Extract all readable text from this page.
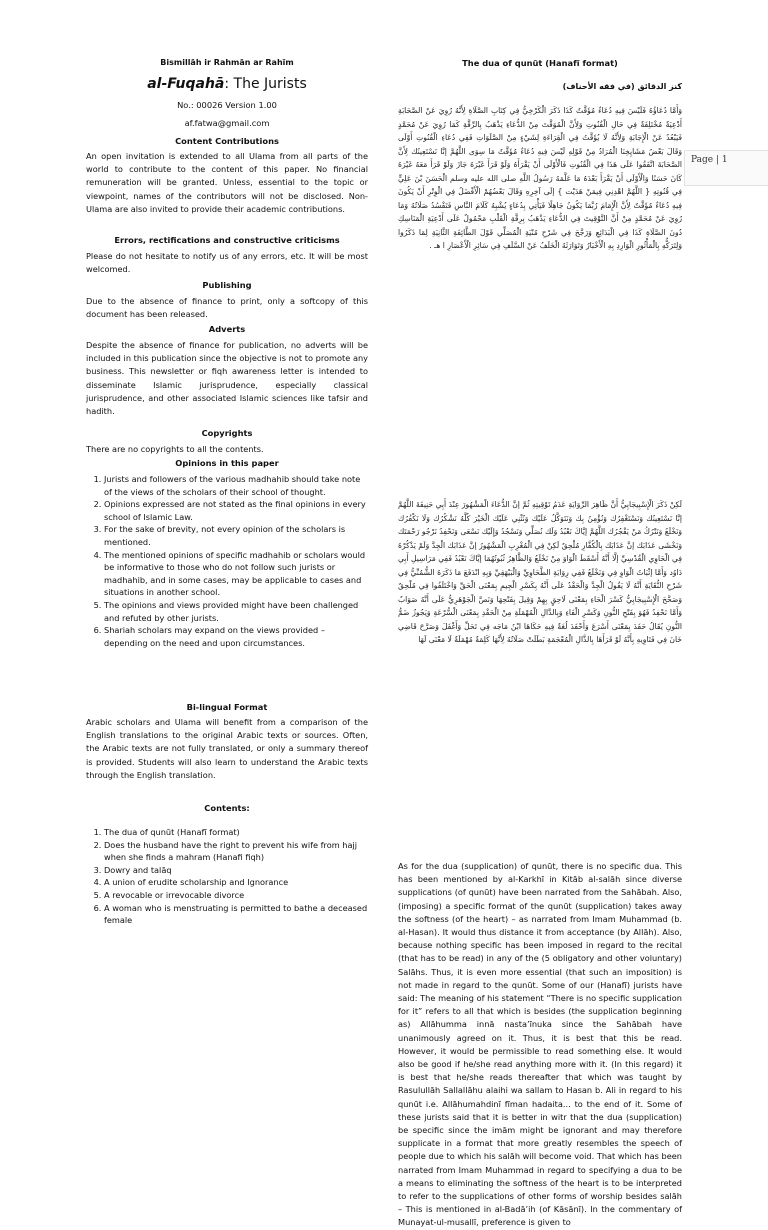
Bismillāh ir Rahmān ar Rahīm
al-Fuqahā: The Jurists
No.: 00026 Version 1.00
af.fatwa@gmail.com
Content Contributions

An open invitation is extended to all Ulama from all parts of the world to contribute to the content of this paper. No financial remuneration will be granted. Unless, essential to the topic or viewpoint, names of the contributors will not be disclosed. Non-Ulama are also invited to provide their academic contributions.

Errors, rectifications and constructive criticisms

Please do not hesitate to notify us of any errors, etc. It will be most welcomed.

Publishing

Due to the absence of finance to print, only a softcopy of this document has been released.

Adverts

Despite the absence of finance for publication, no adverts will be included in this publication since the objective is not to promote any business. This newsletter or fiqh awareness letter is intended to disseminate Islamic jurisprudence, especially classical jurisprudence, and other associated Islamic sciences like tafsir and hadith.

Copyrights

There are no copyrights to all the contents.

Opinions in this paper
1. Jurists and followers of the various madhahib should take note of the views of the scholars of their school of thought.
2. Opinions expressed are not stated as the final opinions in every school of Islamic Law.
3. For the sake of brevity, not every opinion of the scholars is mentioned.
4. The mentioned opinions of specific madhahib or scholars would be informative to those who do not follow such jurists or madhahib, and in some cases, may be applicable to cases and situations in another school.
5. The opinions and views provided might have been challenged and refuted by other jurists.
6. Shariah scholars may expand on the views provided – depending on the need and upon circumstances.
Bi-lingual Format

Arabic scholars and Ulama will benefit from a comparison of the English translations to the original Arabic texts or sources. Often, the Arabic texts are not fully translated, or only a summary thereof is provided. Students will also learn to understand the Arabic texts through the English translation.

Contents:
1. The dua of qunūt (Hanafī format)
2. Does the husband have the right to prevent his wife from hajj when she finds a mahram (Hanafi fiqh)
3. Dowry and talāq
4. A union of erudite scholarship and Ignorance
5. A revocable or irrevocable divorce
6. A woman who is menstruating is permitted to bathe a deceased female
The dua of qunūt (Hanafī format)
كنز الدقائق (في فقه الأحناف)

وَأَمَّا دُعَاؤُهُ فَلَيْسَ فِيهِ دُعَاءٌ مُؤَقَّتٌ كَذَا ذَكَرَ الْكَرْخِيُّ فِي كِتَابِ الصَّلَاةِ لِأَنَّهُ رُوِيَ عَنْ الصَّحَابَةِ أَدْعِيَةٌ مُخْتَلِفَةٌ فِي حَالِ الْقُنُوتِ وَلِأَنَّ الْمُوَقَّتَ مِنْ الدُّعَاءِ يَذْهَبُ بِالرِّقَّةِ كَمَا رُوِيَ عَنْ مُحَمَّدٍ فَيَبْعُدُ عَنْ الْإِجَابَةِ وَلِأَنَّهُ لَا يُؤَقَّتُ فِي الْقِرَاءَةِ لِشَيْءٍ مِنْ الصَّلَوَاتِ فَفِي دُعَاءِ الْقُنُوتِ أَوْلَى وَقَالَ بَعْضُ مَشَايِخِنَا الْمُرَادُ مِنْ قَوْلِهِ لَيْسَ فِيهِ دُعَاءٌ مُؤَقَّتٌ مَا سِوَى اللَّهُمَّ إنَّا نَسْتَعِينُك لِأَنَّ الصَّحَابَةَ اتَّفَقُوا عَلَى هَذَا فِي الْقُنُوتِ فَالْأَوْلَى أَنْ يَقْرَأَهُ وَلَوْ قَرَأَ غَيْرَهُ جَازَ وَلَوْ قَرَأَ مَعَهُ غَيْرَهُ كَانَ حَسَنًا وَالْأَوْلَى أَنْ يَقْرَأَ بَعْدَهُ مَا عَلَّمَهُ رَسُولُ اللَّهِ صلى الله عليه وسلم الْحَسَنَ بْنَ عَلِيٍّ فِي قُنُوتِهِ { اللَّهُمَّ اهْدِنِي فِيمَنْ هَدَيْت } إلَى آخِرِهِ وَقَالَ بَعْضُهُمْ الْأَفْضَلُ فِي الْوِتْرِ أَنْ يَكُونَ فِيهِ دُعَاءٌ مُؤَقَّتٌ لِأَنَّ الْإِمَامَ رُبَّمَا يَكُونُ جَاهِلًا فَيَأْتِي بِدُعَاءٍ يُشْبِهُ كَلَامَ النَّاسِ فَتَفْسُدُ صَلَاتُهُ وَمَا رُوِيَ عَنْ مُحَمَّدٍ مِنْ أَنَّ التَّوْقِيتَ فِي الدُّعَاءِ يَذْهَبُ بِرِقَّةِ الْقَلْبِ مَحْمُولٌ عَلَى أَدْعِيَةِ الْمَنَاسِكِ دُونَ الصَّلَاةِ كَذَا فِي الْبَدَائِعِ وَرَجَّحَ فِي شَرْحِ مُنْيَةِ الْمُصَلِّي قَوْلَ الطَّائِفَةِ الثَّانِيَةِ لِمَا ذَكَرُوا وَلِتَرَكُّهِ بِالْمَأْثُورِ الْوَارِدِ بِهِ الْأَخْبَارُ وَتَوَارَثَهُ الْخَلَفُ عَنْ السَّلَفِ فِي سَائِرِ الْأَعْصَارِ ا هـ .

لَكِنْ ذَكَرَ الْإِسْبِيجَابِيُّ أَنَّ ظَاهِرَ الرِّوَايَةِ عَدَمُ تَوْقِيتِهِ ثُمَّ إنَّ الدُّعَاءَ الْمَشْهُورَ عِنْدَ أَبِي حَنِيفَةَ اللَّهُمَّ إنَّا نَسْتَعِينُك وَنَسْتَغْفِرُك وَنُؤْمِنُ بِك وَنَتَوَكَّلُ عَلَيْك وَنُثْنِي عَلَيْك الْخَيْرَ كُلَّهُ نَشْكُرُك وَلَا نَكْفُرُك وَنَخْلَعُ وَنَتْرُكُ مَنْ يَفْجُرُك اللَّهُمَّ إيَّاكَ نَعْبُدُ وَلَك نُصَلِّي وَنَسْجُدُ وَإِلَيْك نَسْعَى وَنَحْفِدُ نَرْجُو رَحْمَتَك وَنَخْشَى عَذَابَك إنَّ عَذَابَك بِالْكُفَّارِ مُلْحِقٌ لَكِنْ فِي الْمُغْرِبِ الْمَشْهُورُ إنَّ عَذَابَك الْجِدَّ وَلَمْ يَذْكُرْهُ فِي الْحَاوِي الْقُدْسِيِّ إلَّا أَنَّهُ أَسْقَطَ الْوَاوَ مِنْ نَخْلَعُ وَالظَّاهِرُ ثُبُوتُهُمَا إيَّاكَ نَعْبُدُ فَفِي مَرَاسِيلِ أَبِي دَاوُد وَأَمَّا إثْبَاتُ الْوَاوِ فِي وَنَخْلَعُ فَفِي رِوَايَةِ الطَّحَاوِيِّ وَالْبَيْهَقِيِّ وَبِهِ انْدَفَعَ مَا ذَكَرَهُ الشُّمُنِّيُّ فِي شَرْحِ النُّقَايَةِ أَنَّهُ لَا يَقُولُ الْجِدَّ وَالْحَفْدُ عَلَى أَنَّهُ بِكَسْرِ الْجِيمِ بِمَعْنَى الْحَقِّ وَاخْتَلَفُوا فِي مُلْحِقٌ وَصَحَّحَ الْإِسْبِيجَابِيُّ كَسْرَ الْحَاءِ بِمَعْنَى لَاحِقٍ بِهِمْ وَقِيلَ بِفَتْحِهَا وَنَصَّ الْجَوْهَرِيُّ عَلَى أَنَّهُ صَوَابٌ وَأَمَّا نَحْفِدُ فَهُوَ بِفَتْحِ النُّونِ وَكَسْرِ الْفَاءِ وَبِالدَّالِ الْمُهْمَلَةِ مِنْ الْحَفْدِ بِمَعْنَى الْسُّرْعَةِ وَيَجُوزُ ضَمُّ النُّونِ يُقَالُ حَفَدَ بِمَعْنَى أَسْرَعَ وَأَحْفَدَ لُغَةٌ فِيهِ حَكَاهَا ابْنُ مَاجَه فِي تَحَلِّ وَأَغْفَلَ وَصَرَّحَ قَاضِي خَانَ فِي فَتَاوِيهِ بِأَنَّهُ لَوْ قَرَأَهَا بِالذَّالِ الْمُعْجَمَةِ بَطَلَتْ صَلَاتُهُ لِأَنَّهَا كَلِمَةٌ مُهْمَلَةٌ لَا مَعْنَى لَهَا

As for the dua (supplication) of qunūt, there is no specific dua. This has been mentioned by al-Karkhī in Kitāb al-salāh since diverse supplications (of qunūt) have been narrated from the Sahābah. Also, (imposing) a specific format of the qunūt (supplication) takes away the softness (of the heart) – as narrated from Imam Muhammad (b. al-Hasan). It would thus distance it from acceptance (by Allāh). Also, because nothing specific has been imposed in regard to the recital (that has to be read) in any of the (5 obligatory and other voluntary) Salāhs. Thus, it is even more essential (that such an imposition) is not made in regard to the qunūt. Some of our (Hanafī) jurists have said: The meaning of his statement “There is no specific supplication for it” refers to all that which is besides (the supplication beginning as) Allāhumma innā nasta’īnuka since the Sahābah have unanimously agreed on it. Thus, it is best that this be read. However, it would be permissible to read something else. It would also be good if he/she read anything more with it. (In this regard) it is best that he/she reads thereafter that which was taught by Rasulullāh Sallallāhu alaihi wa sallam to Hasan b. Ali in regard to his qunūt i.e. Allāhumahdinī fīman hadaita... to the end of it. Some of these jurists said that it is better in witr that the dua (supplication) be specific since the imām might be ignorant and may therefore supplicate in a format that more greatly resembles the speech of people due to which his salāh will become void. That which has been narrated from Imam Muhammad in regard to specifying a dua to be a means to eliminating the softness of the heart is to be interpreted to refer to the supplications of other forms of worship besides salāh – This is mentioned in al-Badā’ih (of Kāsānī). In the commentary of Munayat-ul-musallī, preference is given to

Page | 1
